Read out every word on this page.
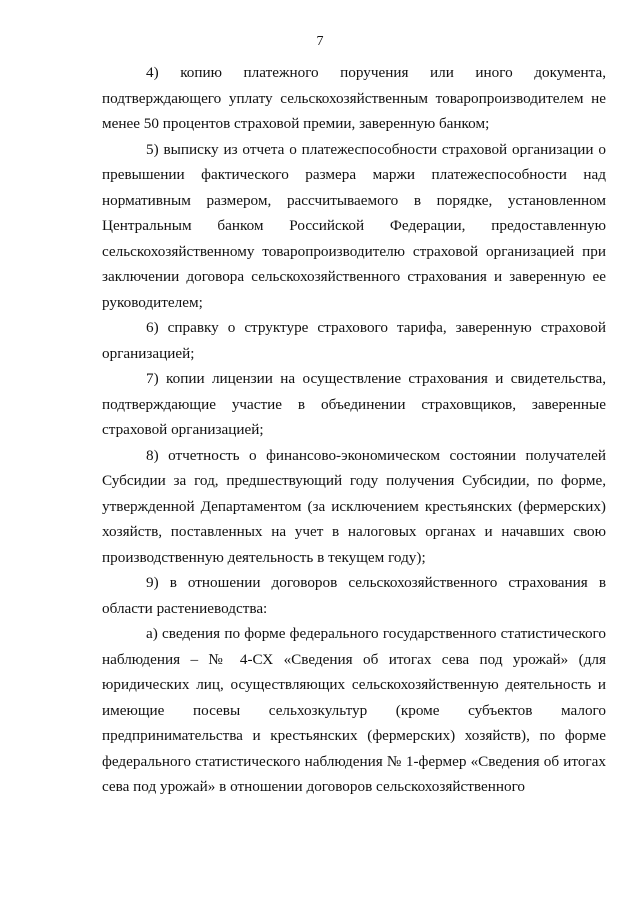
7

4) копию платежного поручения или иного документа, подтверждающего уплату сельскохозяйственным товаропроизводителем не менее 50 процентов страховой премии, заверенную банком;

5) выписку из отчета о платежеспособности страховой организации о превышении фактического размера маржи платежеспособности над нормативным размером, рассчитываемого в порядке, установленном Центральным банком Российской Федерации, предоставленную сельскохозяйственному товаропроизводителю страховой организацией при заключении договора сельскохозяйственного страхования и заверенную ее руководителем;

6) справку о структуре страхового тарифа, заверенную страховой организацией;

7) копии лицензии на осуществление страхования и свидетельства, подтверждающие участие в объединении страховщиков, заверенные страховой организацией;

8) отчетность о финансово-экономическом состоянии получателей Субсидии за год, предшествующий году получения Субсидии, по форме, утвержденной Департаментом (за исключением крестьянских (фермерских) хозяйств, поставленных на учет в налоговых органах и начавших свою производственную деятельность в текущем году);

9) в отношении договоров сельскохозяйственного страхования в области растениеводства:

а) сведения по форме федерального государственного статистического наблюдения – № 4-СХ «Сведения об итогах сева под урожай» (для юридических лиц, осуществляющих сельскохозяйственную деятельность и имеющие посевы сельхозкультур (кроме субъектов малого предпринимательства и крестьянских (фермерских) хозяйств), по форме федерального статистического наблюдения № 1-фермер «Сведения об итогах сева под урожай» в отношении договоров сельскохозяйственного
